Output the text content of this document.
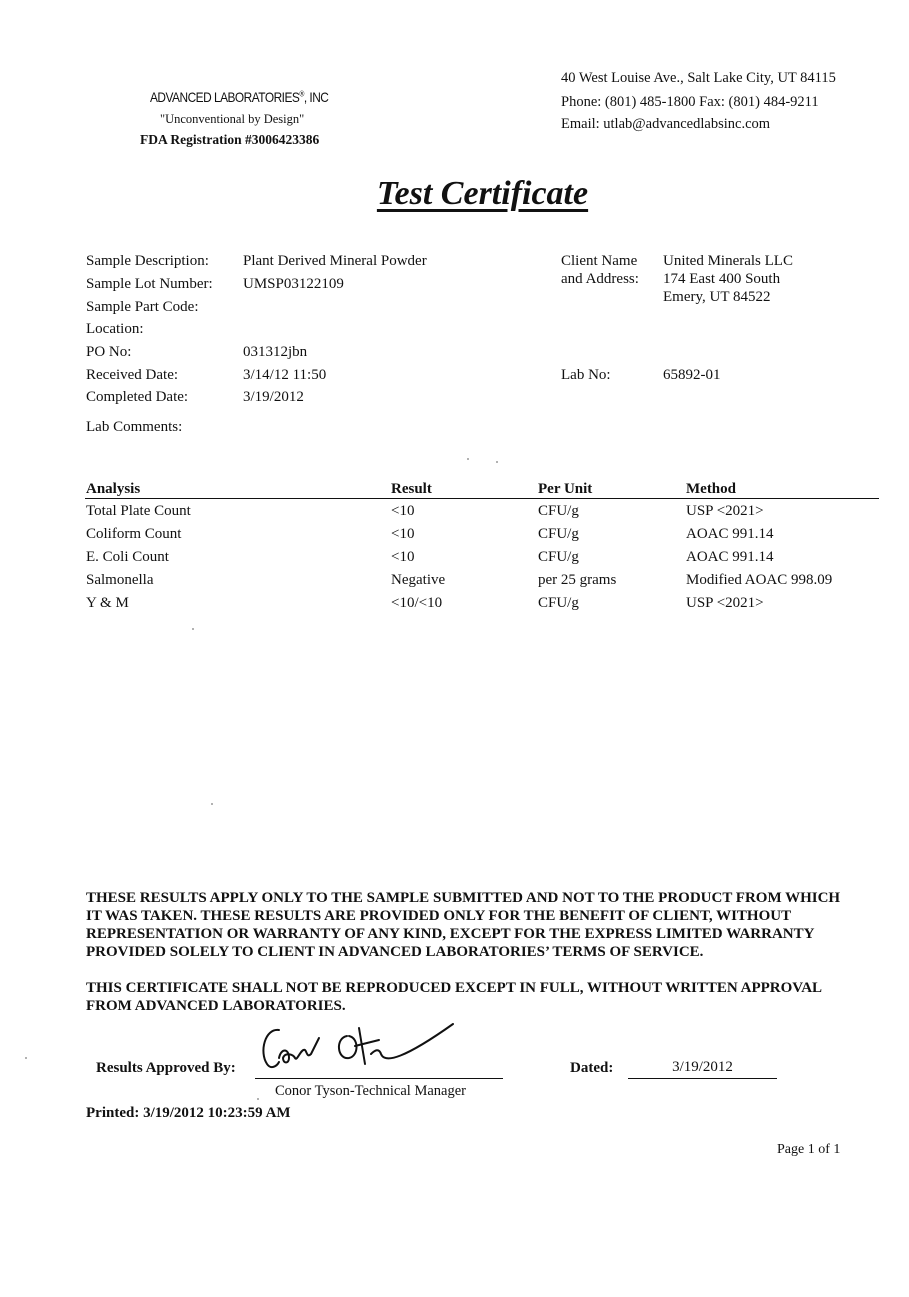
ADVANCED LABORATORIES®, INC
"Unconventional by Design"
FDA Registration #3006423386
40 West Louise Ave., Salt Lake City, UT 84115
Phone: (801) 485-1800 Fax: (801) 484-9211
Email: utlab@advancedlabsinc.com
Test Certificate
Sample Description: Plant Derived Mineral Powder
Sample Lot Number: UMSP03122109
Sample Part Code:
Location:
PO No:	031312jbn
Received Date:	3/14/12 11:50
Completed Date:	3/19/2012
Lab Comments:
Client Name
and Address:
United Minerals LLC
174 East 400 South
Emery, UT 84522
Lab No:	65892-01
Analysis	Result	Per Unit	Method
Total Plate Count	<10	CFU/g	USP <2021>
Coliform Count	<10	CFU/g	AOAC 991.14
E. Coli Count	<10	CFU/g	AOAC 991.14
Salmonella	Negative	per 25 grams	Modified AOAC 998.09
Y & M	<10/<10	CFU/g	USP <2021>
THESE RESULTS APPLY ONLY TO THE SAMPLE SUBMITTED AND NOT TO THE PRODUCT FROM WHICH IT WAS TAKEN. THESE RESULTS ARE PROVIDED ONLY FOR THE BENEFIT OF CLIENT, WITHOUT REPRESENTATION OR WARRANTY OF ANY KIND, EXCEPT FOR THE EXPRESS LIMITED WARRANTY PROVIDED SOLELY TO CLIENT IN ADVANCED LABORATORIES’ TERMS OF SERVICE.
THIS CERTIFICATE SHALL NOT BE REPRODUCED EXCEPT IN FULL, WITHOUT WRITTEN APPROVAL FROM ADVANCED LABORATORIES.
Results Approved By:
Conor Tyson-Technical Manager
Dated:	3/19/2012
Printed: 3/19/2012 10:23:59 AM
Page 1 of 1
